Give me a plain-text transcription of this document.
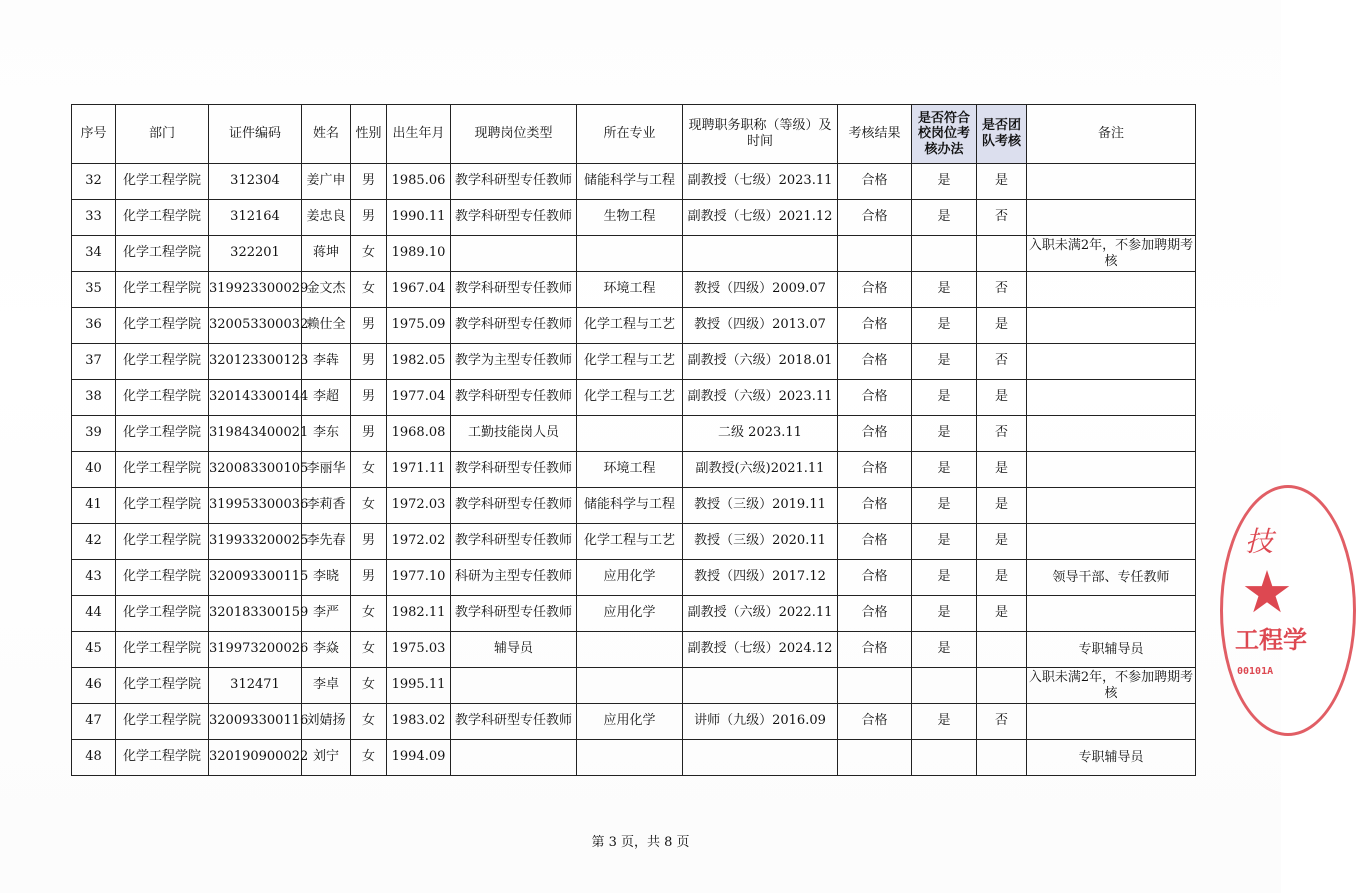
序号	部门	证件编码	姓名	性别	出生年月	现聘岗位类型	所在专业	现聘职务职称（等级）及时间	考核结果	是否符合校岗位考核办法	是否团队考核	备注
32	化学工程学院	312304	姜广申	男	1985.06	教学科研型专任教师	储能科学与工程	副教授（七级）2023.11	合格	是	是	
33	化学工程学院	312164	姜忠良	男	1990.11	教学科研型专任教师	生物工程	副教授（七级）2021.12	合格	是	否	
34	化学工程学院	322201	蒋坤	女	1989.10							入职未满2年，不参加聘期考核
35	化学工程学院	319923300029	金文杰	女	1967.04	教学科研型专任教师	环境工程	教授（四级）2009.07	合格	是	否	
36	化学工程学院	320053300032	赖仕全	男	1975.09	教学科研型专任教师	化学工程与工艺	教授（四级）2013.07	合格	是	是	
37	化学工程学院	320123300123	李犇	男	1982.05	教学为主型专任教师	化学工程与工艺	副教授（六级）2018.01	合格	是	否	
38	化学工程学院	320143300144	李超	男	1977.04	教学科研型专任教师	化学工程与工艺	副教授（六级）2023.11	合格	是	是	
39	化学工程学院	319843400021	李东	男	1968.08	工勤技能岗人员		二级 2023.11	合格	是	否	
40	化学工程学院	320083300105	李丽华	女	1971.11	教学科研型专任教师	环境工程	副教授(六级)2021.11	合格	是	是	
41	化学工程学院	319953300036	李莉香	女	1972.03	教学科研型专任教师	储能科学与工程	教授（三级）2019.11	合格	是	是	
42	化学工程学院	319933200025	李先春	男	1972.02	教学科研型专任教师	化学工程与工艺	教授（三级）2020.11	合格	是	是	
43	化学工程学院	320093300115	李晓	男	1977.10	科研为主型专任教师	应用化学	教授（四级）2017.12	合格	是	是	领导干部、专任教师
44	化学工程学院	320183300159	李严	女	1982.11	教学科研型专任教师	应用化学	副教授（六级）2022.11	合格	是	是	
45	化学工程学院	319973200026	李焱	女	1975.03	辅导员		副教授（七级）2024.12	合格	是		专职辅导员
46	化学工程学院	312471	李卓	女	1995.11							入职未满2年，不参加聘期考核
47	化学工程学院	320093300116	刘婧扬	女	1983.02	教学科研型专任教师	应用化学	讲师（九级）2016.09	合格	是	否	
48	化学工程学院	320190900022	刘宁	女	1994.09							专职辅导员
第 3 页，共 8 页
技
★
工程学
00101A
